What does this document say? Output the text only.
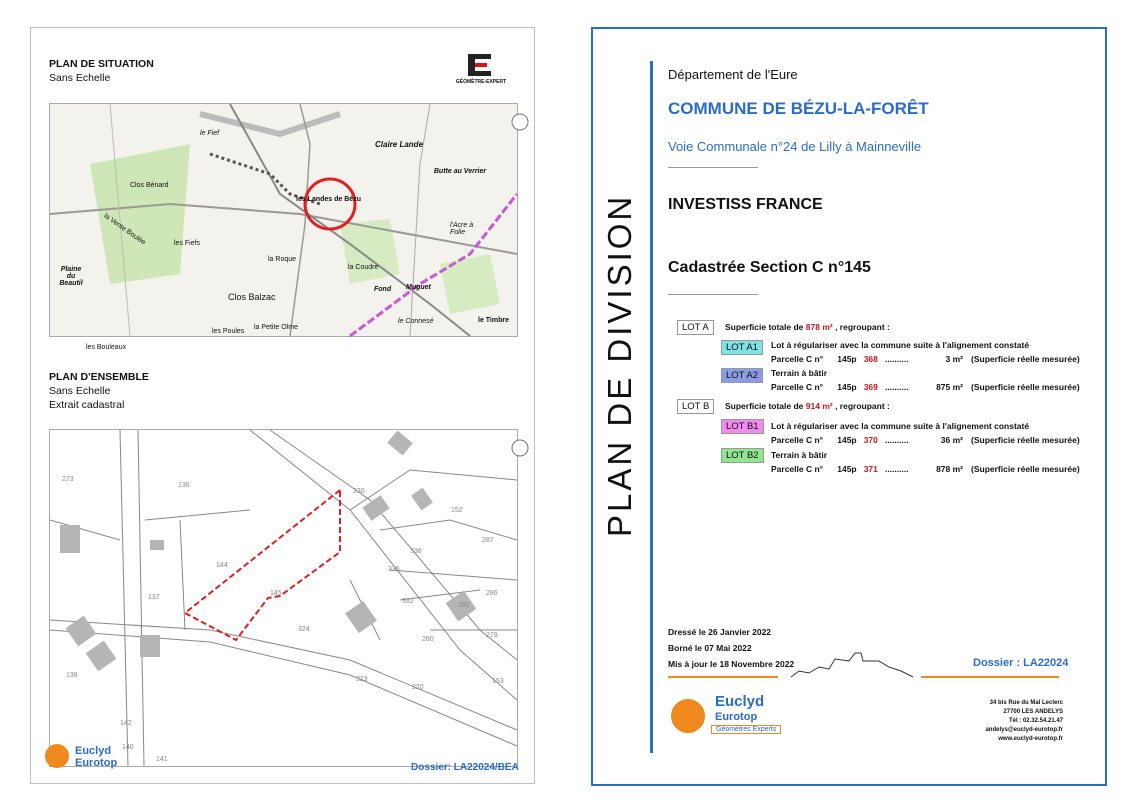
PLAN DE SITUATION
Sans Echelle	GÉOMÈTRE-EXPERT
le Fief
Claire Lande
Butte au Verrier
Clos Bénard
les Landes de Bézu
les Fiefs
l'Acre à Folie
Plaine du Beautil
la Roque
la Coudre
Clos Balzac
Fond Muguet
le Timbre
les Poules
la Petite Olme
le Connesé
les Bouleaux
la Vente Boulée
PLAN D'ENSEMBLE
Sans Echelle
Extrait cadastral
273
136
230
152
287
144
145
335
338
137
332
281
286
324
280
279
138
323
220
153
142
140
141
Euclyd
Eurotop	Dossier: LA22024/BEA
PLAN DE DIVISION
Département de l'Eure
COMMUNE DE BÉZU-LA-FORÊT
Voie Communale n°24 de Lilly à Mainneville
INVESTISS FRANCE
Cadastrée Section C n°145
LOT A	Superficie totale de 878 m² , regroupant :
LOT A1	Lot à régulariser avec la commune suite à l'alignement constaté
Parcelle C n° 145p 368 ..........	3 m² (Superficie réelle mesurée)
LOT A2	Terrain à bâtir
Parcelle C n° 145p 369 ..........	875 m² (Superficie réelle mesurée)
LOT B	Superficie totale de 914 m² , regroupant :
LOT B1	Lot à régulariser avec la commune suite à l'alignement constaté
Parcelle C n° 145p 370 ..........	36 m² (Superficie réelle mesurée)
LOT B2	Terrain à bâtir
Parcelle C n° 145p 371 ..........	878 m² (Superficie réelle mesurée)
Dressé le 26 Janvier 2022
Borné le 07 Mai 2022
Mis à jour le 18 Novembre 2022	Dossier : LA22024
Euclyd
Eurotop
Géomètres Experts
34 bis Rue du Mal Leclerc
27700 LES ANDELYS
Tél : 02.32.54.21.47
andelys@euclyd-eurotop.fr
www.euclyd-eurotop.fr
